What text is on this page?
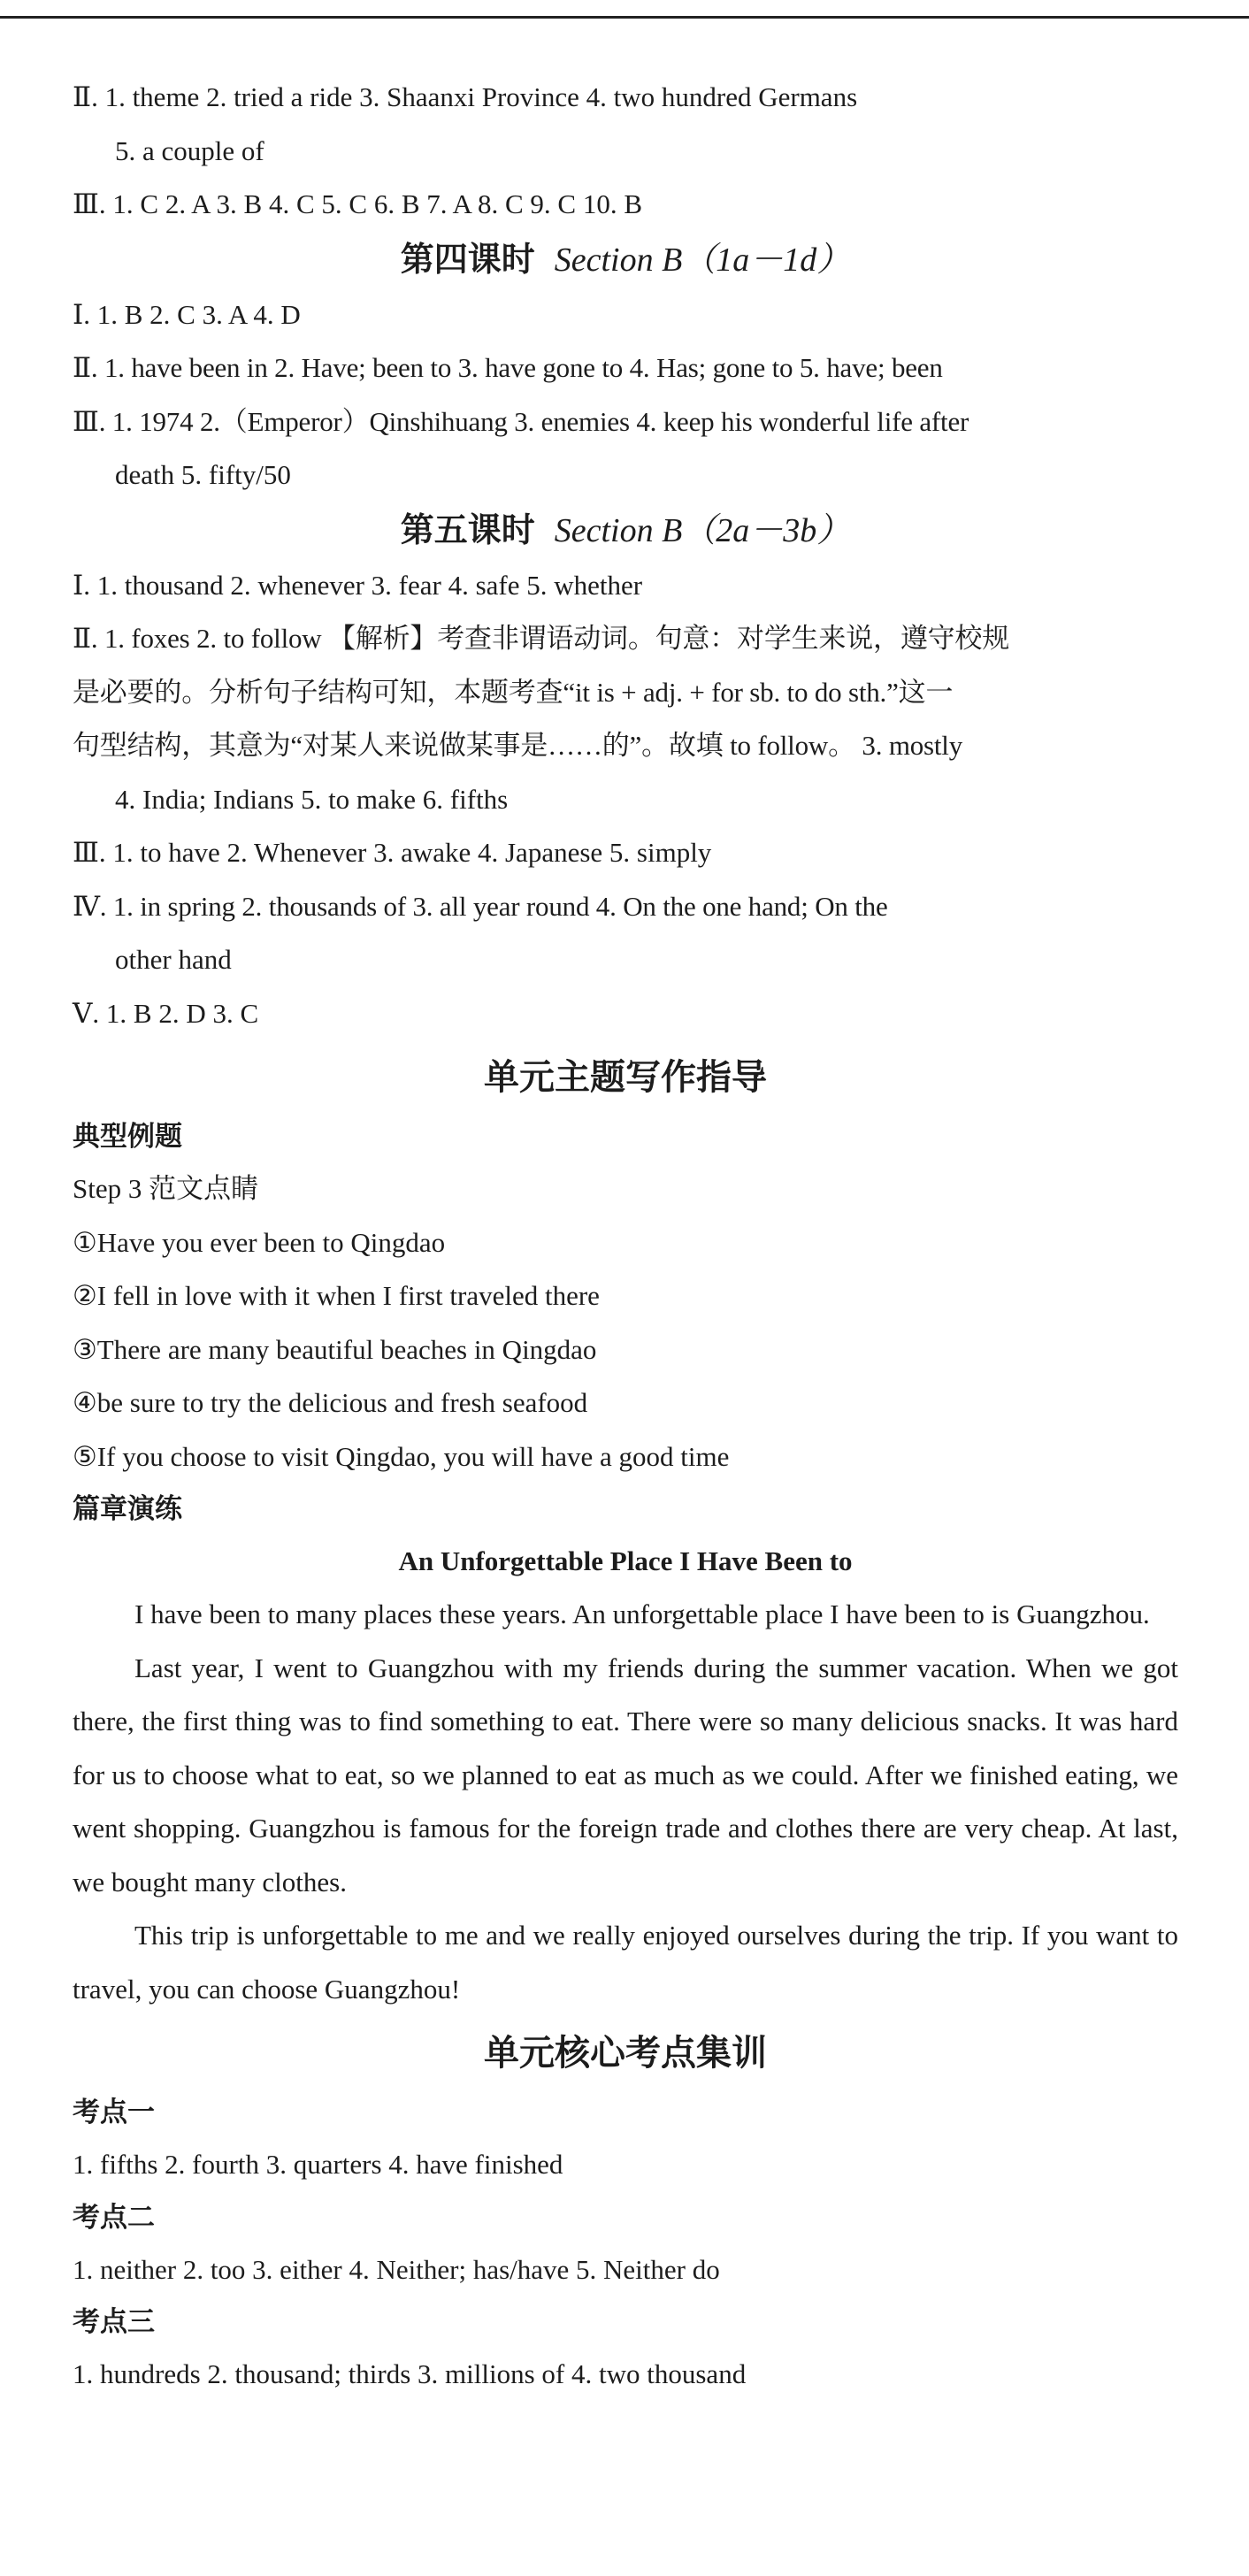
Ⅱ. 1. theme 2. tried a ride 3. Shaanxi Province 4. two hundred Germans
5. a couple of
Ⅲ. 1. C 2. A 3. B 4. C 5. C 6. B 7. A 8. C 9. C 10. B
第四课时 Section B（1a－1d）
Ⅰ. 1. B 2. C 3. A 4. D
Ⅱ. 1. have been in 2. Have; been to 3. have gone to 4. Has; gone to 5. have; been
Ⅲ. 1. 1974 2.（Emperor）Qinshihuang 3. enemies 4. keep his wonderful life after
death 5. fifty/50
第五课时 Section B（2a－3b）
Ⅰ. 1. thousand 2. whenever 3. fear 4. safe 5. whether
Ⅱ. 1. foxes 2. to follow 【解析】考查非谓语动词。句意：对学生来说，遵守校规
是必要的。分析句子结构可知，本题考查“it is + adj. + for sb. to do sth.”这一
句型结构，其意为“对某人来说做某事是……的”。故填 to follow。 3. mostly
4. India; Indians 5. to make 6. fifths
Ⅲ. 1. to have 2. Whenever 3. awake 4. Japanese 5. simply
Ⅳ. 1. in spring 2. thousands of 3. all year round 4. On the one hand; On the
other hand
Ⅴ. 1. B 2. D 3. C
单元主题写作指导
典型例题
Step 3 范文点睛
①Have you ever been to Qingdao
②I fell in love with it when I first traveled there
③There are many beautiful beaches in Qingdao
④be sure to try the delicious and fresh seafood
⑤If you choose to visit Qingdao, you will have a good time
篇章演练
An Unforgettable Place I Have Been to
I have been to many places these years. An unforgettable place I have been to is Guangzhou.
Last year, I went to Guangzhou with my friends during the summer vacation. When we got there, the first thing was to find something to eat. There were so many delicious snacks. It was hard for us to choose what to eat, so we planned to eat as much as we could. After we finished eating, we went shopping. Guangzhou is famous for the foreign trade and clothes there are very cheap. At last, we bought many clothes.
This trip is unforgettable to me and we really enjoyed ourselves during the trip. If you want to travel, you can choose Guangzhou!
单元核心考点集训
考点一
1. fifths 2. fourth 3. quarters 4. have finished
考点二
1. neither 2. too 3. either 4. Neither; has/have 5. Neither do
考点三
1. hundreds 2. thousand; thirds 3. millions of 4. two thousand
